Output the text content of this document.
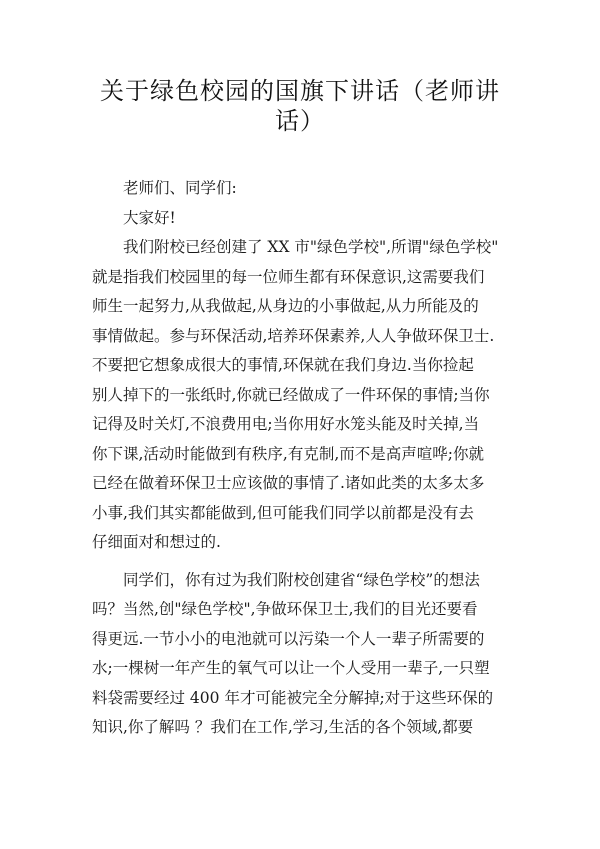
关于绿色校园的国旗下讲话（老师讲
话）
老师们、同学们:
大家好!
我们附校已经创建了 XX 市"绿色学校",所谓"绿色学校"
就是指我们校园里的每一位师生都有环保意识,这需要我们
师生一起努力,从我做起,从身边的小事做起,从力所能及的
事情做起。参与环保活动,培养环保素养,人人争做环保卫士.
不要把它想象成很大的事情,环保就在我们身边.当你捡起
别人掉下的一张纸时,你就已经做成了一件环保的事情;当你
记得及时关灯,不浪费用电;当你用好水笼头能及时关掉,当
你下课,活动时能做到有秩序,有克制,而不是高声喧哗;你就
已经在做着环保卫士应该做的事情了.诸如此类的太多太多
小事,我们其实都能做到,但可能我们同学以前都是没有去
仔细面对和想过的.
同学们，你有过为我们附校创建省“绿色学校”的想法
吗？当然,创"绿色学校",争做环保卫士,我们的目光还要看
得更远.一节小小的电池就可以污染一个人一辈子所需要的
水;一棵树一年产生的氧气可以让一个人受用一辈子,一只塑
料袋需要经过 400 年才可能被完全分解掉;对于这些环保的
知识,你了解吗 ？我们在工作,学习,生活的各个领域,都要
